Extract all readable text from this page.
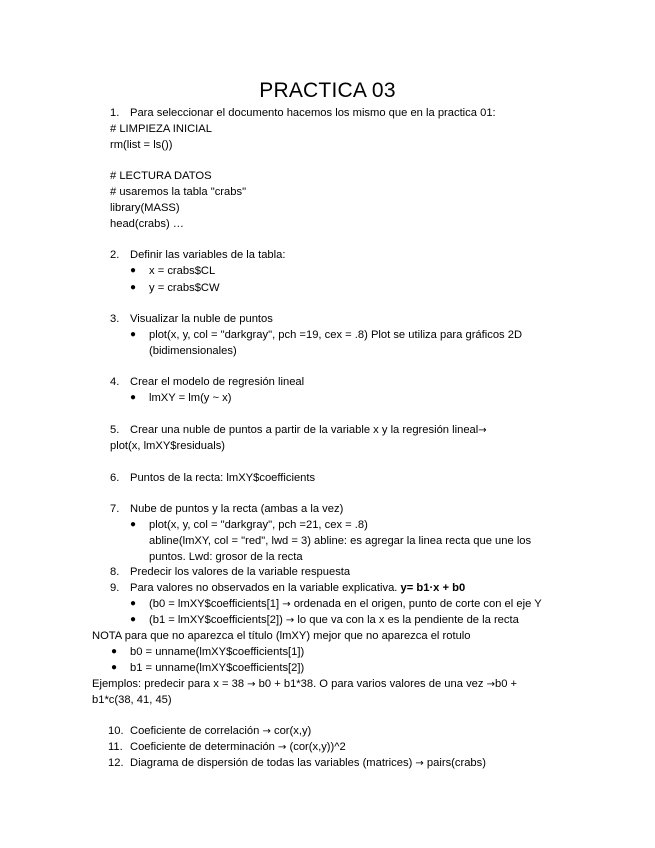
PRACTICA 03
1. Para seleccionar el documento hacemos los mismo que en la practica 01:
# LIMPIEZA INICIAL
rm(list = ls())
# LECTURA DATOS
# usaremos la tabla "crabs"
library(MASS)
head(crabs) …
2. Definir las variables de la tabla:
● x = crabs$CL
● y = crabs$CW
3. Visualizar la nuble de puntos
● plot(x, y, col = "darkgray", pch =19, cex = .8) Plot se utiliza para gráficos 2D
(bidimensionales)
4. Crear el modelo de regresión lineal
● lmXY = lm(y ~ x)
5. Crear una nuble de puntos a partir de la variable x y la regresión lineal→
plot(x, lmXY$residuals)
6. Puntos de la recta: lmXY$coefficients
7. Nube de puntos y la recta (ambas a la vez)
● plot(x, y, col = "darkgray", pch =21, cex = .8)
abline(lmXY, col = "red", lwd = 3) abline: es agregar la linea recta que une los
puntos. Lwd: grosor de la recta
8. Predecir los valores de la variable respuesta
9. Para valores no observados en la variable explicativa. y= b1·x + b0
● (b0 = lmXY$coefficients[1] → ordenada en el origen, punto de corte con el eje Y
● (b1 = lmXY$coefficients[2]) → lo que va con la x es la pendiente de la recta
NOTA para que no aparezca el título (lmXY) mejor que no aparezca el rotulo
● b0 = unname(lmXY$coefficients[1])
● b1 = unname(lmXY$coefficients[2])
Ejemplos: predecir para x = 38 → b0 + b1*38. O para varios valores de una vez →b0 +
b1*c(38, 41, 45)
10. Coeficiente de correlación → cor(x,y)
11. Coeficiente de determinación → (cor(x,y))^2
12. Diagrama de dispersión de todas las variables (matrices) → pairs(crabs)
